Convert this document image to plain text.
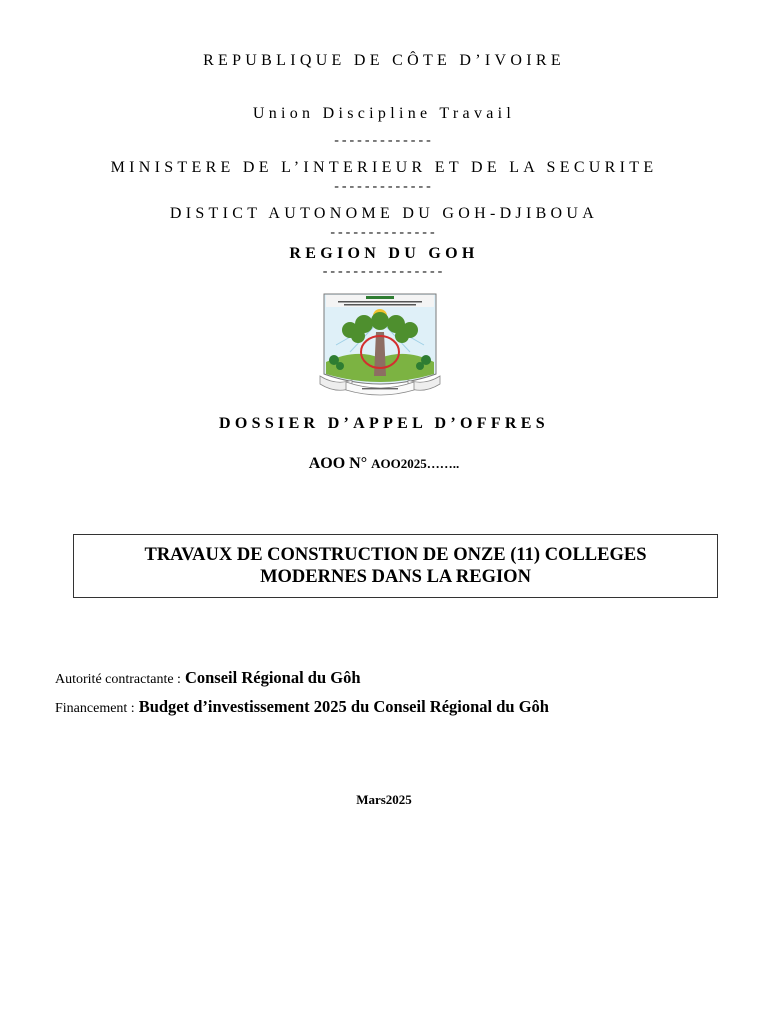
REPUBLIQUE DE CÔTE D’IVOIRE
Union Discipline Travail
-------------
MINISTERE DE L’INTERIEUR ET DE LA SECURITE
-------------
DISTICT AUTONOME DU GOH-DJIBOUA
--------------
REGION DU GOH
----------------
DOSSIER D’APPEL D’OFFRES
AOO N° AOO2025……..
TRAVAUX DE CONSTRUCTION DE ONZE (11) COLLEGES MODERNES DANS LA REGION
Autorité contractante : Conseil Régional du Gôh
Financement : Budget d’investissement 2025 du Conseil Régional du Gôh
Mars2025
